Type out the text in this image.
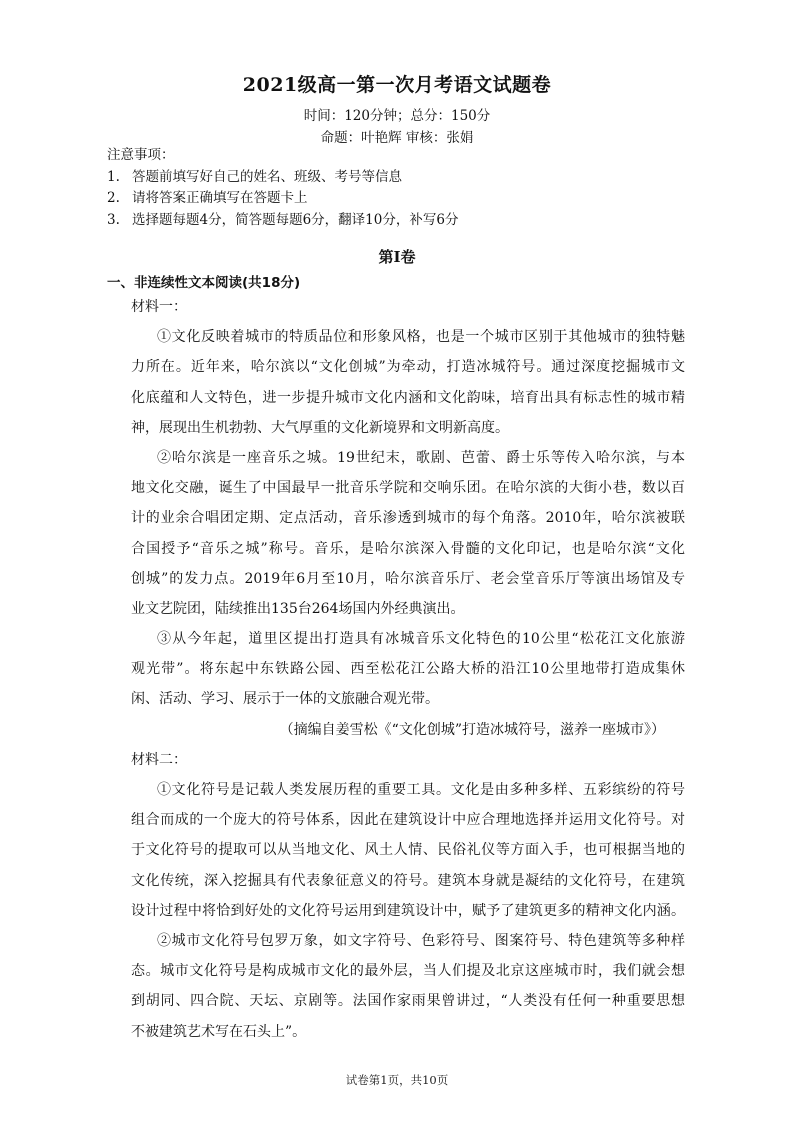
2021级高一第一次月考语文试题卷
时间：120分钟；总分：150分
命题：叶艳辉 审核：张娟
注意事项：
1. 答题前填写好自己的姓名、班级、考号等信息
2. 请将答案正确填写在答题卡上
3. 选择题每题4分，简答题每题6分，翻译10分，补写6分
第Ⅰ卷
一、非连续性文本阅读(共18分)
材料一：
①文化反映着城市的特质品位和形象风格，也是一个城市区别于其他城市的独特魅
力所在。近年来，哈尔滨以“文化创城”为牵动，打造冰城符号。通过深度挖掘城市文
化底蕴和人文特色，进一步提升城市文化内涵和文化韵味，培育出具有标志性的城市精
神，展现出生机勃勃、大气厚重的文化新境界和文明新高度。
②哈尔滨是一座音乐之城。19世纪末，歌剧、芭蕾、爵士乐等传入哈尔滨，与本
地文化交融，诞生了中国最早一批音乐学院和交响乐团。在哈尔滨的大街小巷，数以百
计的业余合唱团定期、定点活动，音乐渗透到城市的每个角落。2010年，哈尔滨被联
合国授予“音乐之城”称号。音乐，是哈尔滨深入骨髓的文化印记，也是哈尔滨“文化
创城”的发力点。2019年6月至10月，哈尔滨音乐厅、老会堂音乐厅等演出场馆及专
业文艺院团，陆续推出135台264场国内外经典演出。
③从今年起，道里区提出打造具有冰城音乐文化特色的10公里“松花江文化旅游
观光带”。将东起中东铁路公园、西至松花江公路大桥的沿江10公里地带打造成集休
闲、活动、学习、展示于一体的文旅融合观光带。
（摘编自姜雪松《“文化创城”打造冰城符号，滋养一座城市》）
材料二：
①文化符号是记载人类发展历程的重要工具。文化是由多种多样、五彩缤纷的符号
组合而成的一个庞大的符号体系，因此在建筑设计中应合理地选择并运用文化符号。对
于文化符号的提取可以从当地文化、风土人情、民俗礼仪等方面入手，也可根据当地的
文化传统，深入挖掘具有代表象征意义的符号。建筑本身就是凝结的文化符号，在建筑
设计过程中将恰到好处的文化符号运用到建筑设计中，赋予了建筑更多的精神文化内涵。
②城市文化符号包罗万象，如文字符号、色彩符号、图案符号、特色建筑等多种样
态。城市文化符号是构成城市文化的最外层，当人们提及北京这座城市时，我们就会想
到胡同、四合院、天坛、京剧等。法国作家雨果曾讲过，“人类没有任何一种重要思想
不被建筑艺术写在石头上”。
试卷第1页，共10页
